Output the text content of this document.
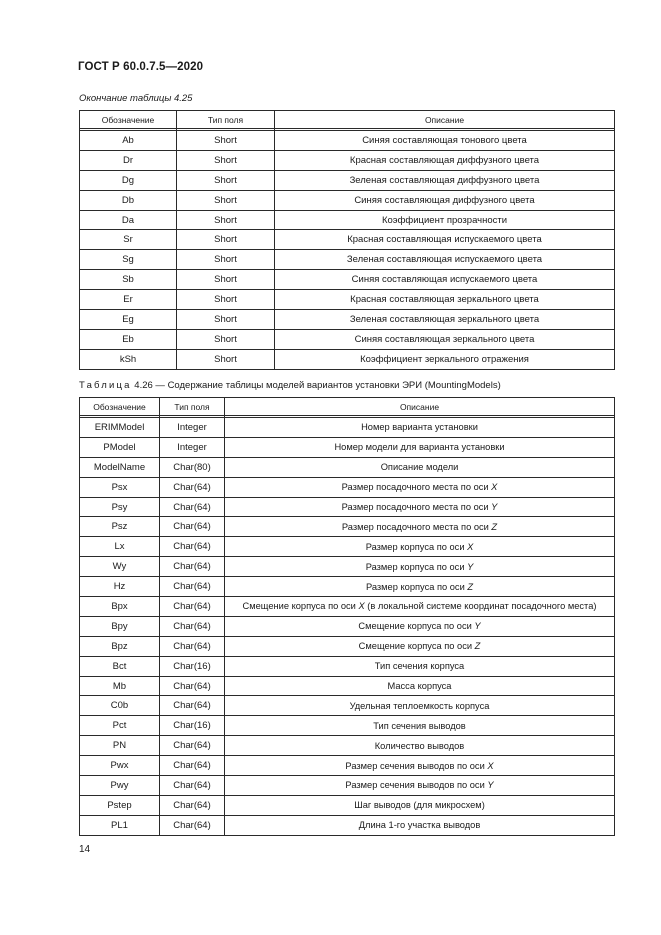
ГОСТ Р 60.0.7.5—2020
Окончание таблицы 4.25
Обозначение	Тип поля	Описание

Ab	Short	Синяя составляющая тонового цвета
Dr	Short	Красная составляющая диффузного цвета
Dg	Short	Зеленая составляющая диффузного цвета
Db	Short	Синяя составляющая диффузного цвета
Da	Short	Коэффициент прозрачности
Sr	Short	Красная составляющая испускаемого цвета
Sg	Short	Зеленая составляющая испускаемого цвета
Sb	Short	Синяя составляющая испускаемого цвета
Er	Short	Красная составляющая зеркального цвета
Eg	Short	Зеленая составляющая зеркального цвета
Eb	Short	Синяя составляющая зеркального цвета
kSh	Short	Коэффициент зеркального отражения
Таблица 4.26 — Содержание таблицы моделей вариантов установки ЭРИ (MountingModels)
Обозначение	Тип поля	Описание

ERIMModel	Integer	Номер варианта установки
PModel	Integer	Номер модели для варианта установки
ModelName	Char(80)	Описание модели
Psx	Char(64)	Размер посадочного места по оси X
Psy	Char(64)	Размер посадочного места по оси Y
Psz	Char(64)	Размер посадочного места по оси Z
Lx	Char(64)	Размер корпуса по оси X
Wy	Char(64)	Размер корпуса по оси Y
Hz	Char(64)	Размер корпуса по оси Z
Bpx	Char(64)	Смещение корпуса по оси X (в локальной системе координат посадочного места)
Bpy	Char(64)	Смещение корпуса по оси Y
Bpz	Char(64)	Смещение корпуса по оси Z
Bct	Char(16)	Тип сечения корпуса
Mb	Char(64)	Масса корпуса
C0b	Char(64)	Удельная теплоемкость корпуса
Pct	Char(16)	Тип сечения выводов
PN	Char(64)	Количество выводов
Pwx	Char(64)	Размер сечения выводов по оси X
Pwy	Char(64)	Размер сечения выводов по оси Y
Pstep	Char(64)	Шаг выводов (для микросхем)
PL1	Char(64)	Длина 1-го участка выводов
14
